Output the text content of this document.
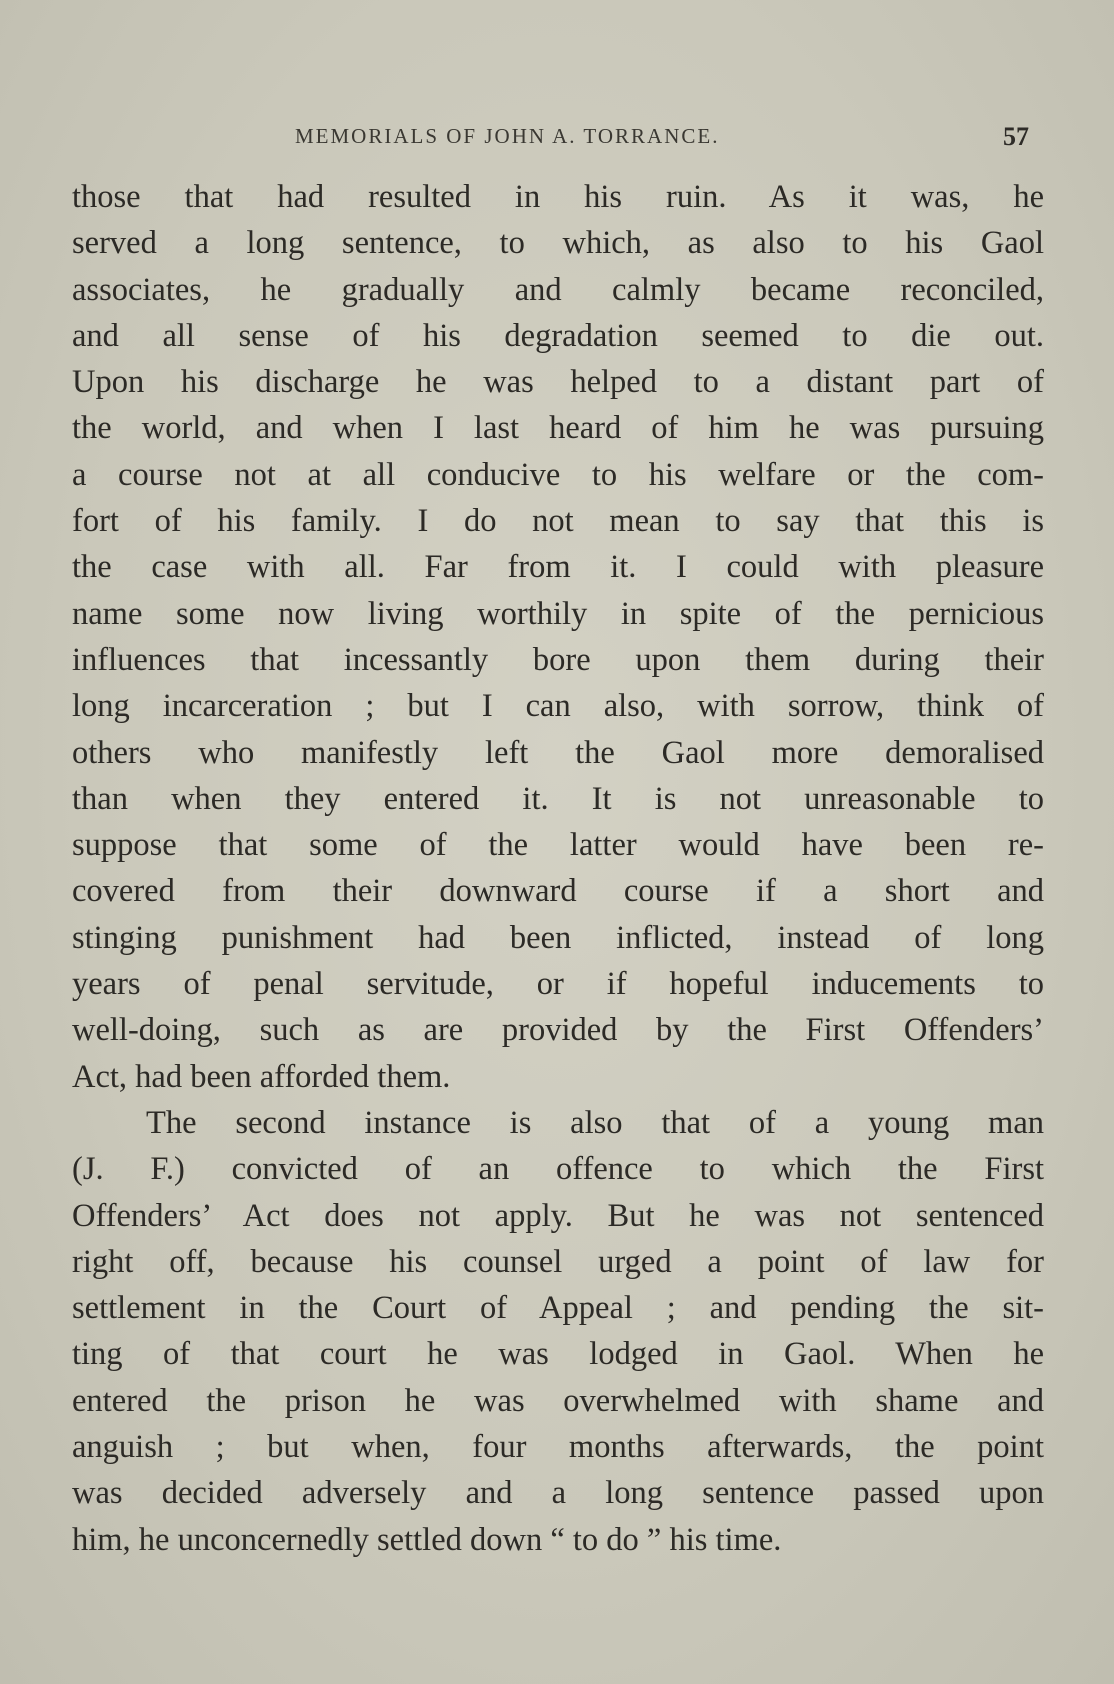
MEMORIALS OF JOHN A. TORRANCE.	57
those that had resulted in his ruin. As it was, he
served a long sentence, to which, as also to his Gaol
associates, he gradually and calmly became reconciled,
and all sense of his degradation seemed to die out.
Upon his discharge he was helped to a distant part of
the world, and when I last heard of him he was pursuing
a course not at all conducive to his welfare or the com-
fort of his family. I do not mean to say that this is
the case with all. Far from it. I could with pleasure
name some now living worthily in spite of the pernicious
influences that incessantly bore upon them during their
long incarceration ; but I can also, with sorrow, think of
others who manifestly left the Gaol more demoralised
than when they entered it. It is not unreasonable to
suppose that some of the latter would have been re-
covered from their downward course if a short and
stinging punishment had been inflicted, instead of long
years of penal servitude, or if hopeful inducements to
well-doing, such as are provided by the First Offenders’
Act, had been afforded them.
The second instance is also that of a young man
(J. F.) convicted of an offence to which the First
Offenders’ Act does not apply. But he was not sentenced
right off, because his counsel urged a point of law for
settlement in the Court of Appeal ; and pending the sit-
ting of that court he was lodged in Gaol. When he
entered the prison he was overwhelmed with shame and
anguish ; but when, four months afterwards, the point
was decided adversely and a long sentence passed upon
him, he unconcernedly settled down “ to do ” his time.
